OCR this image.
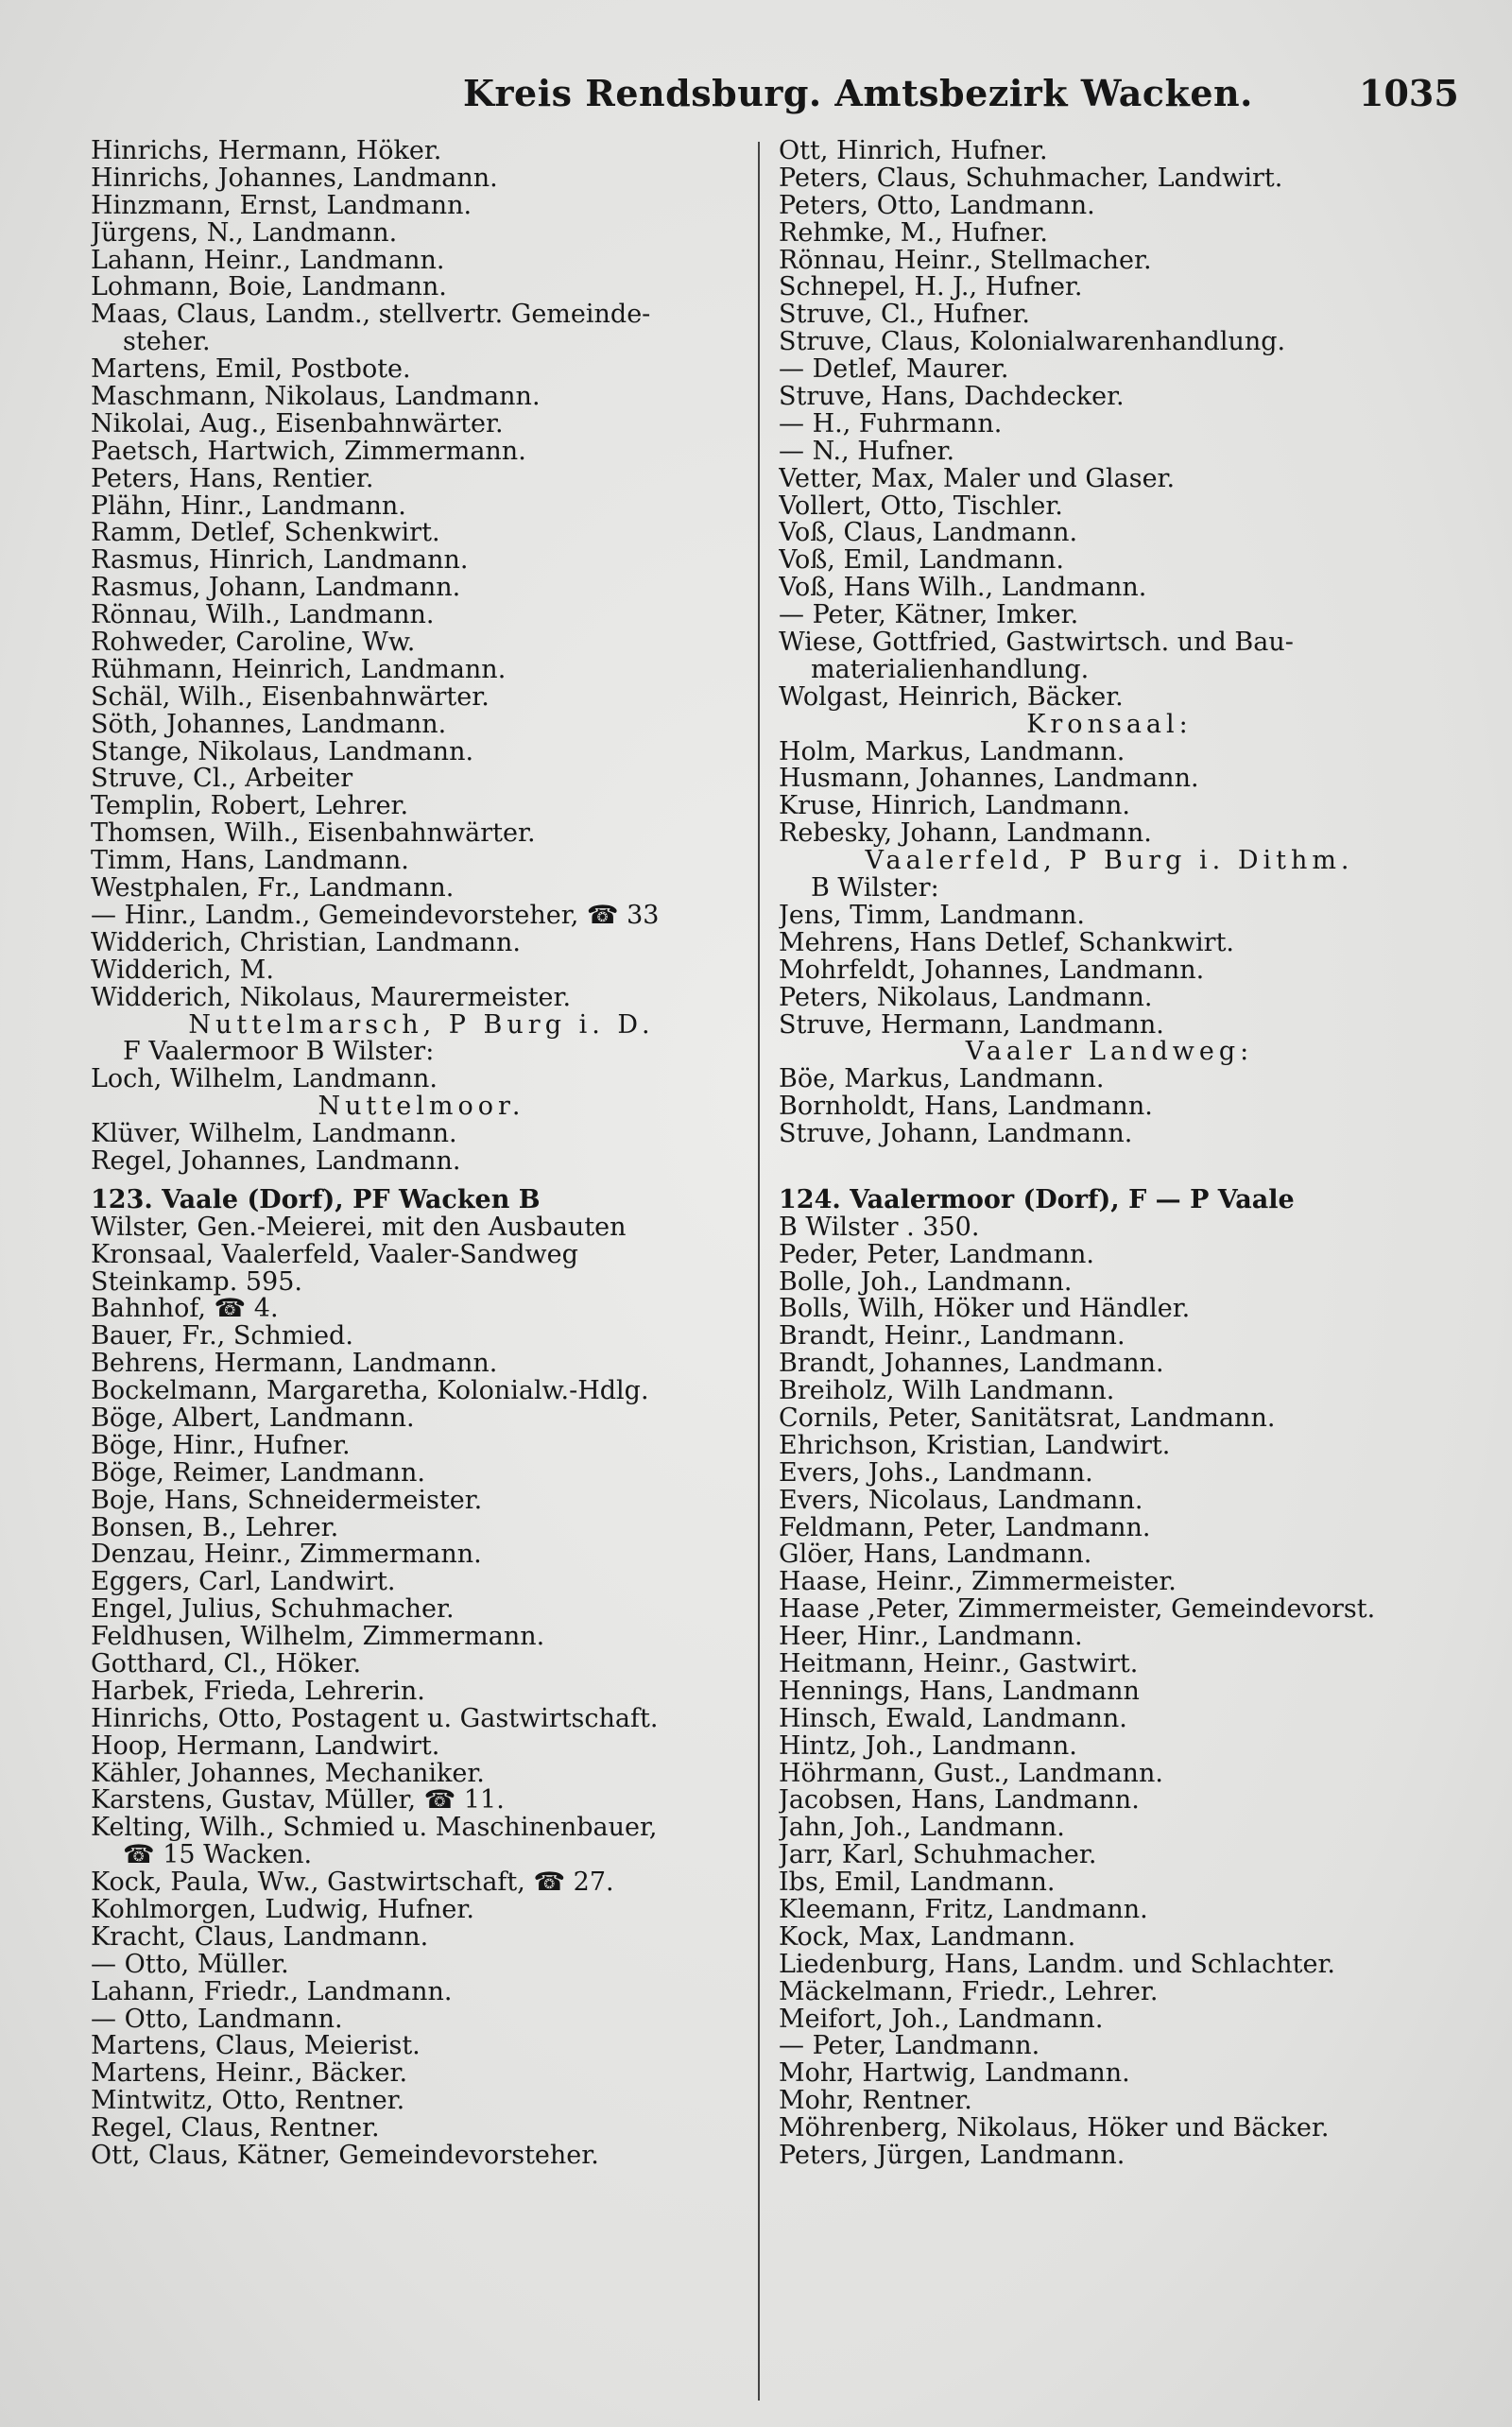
Kreis Rendsburg. Amtsbezirk Wacken.	1035
Hinrichs, Hermann, Höker.
Hinrichs, Johannes, Landmann.
Hinzmann, Ernst, Landmann.
Jürgens, N., Landmann.
Lahann, Heinr., Landmann.
Lohmann, Boie, Landmann.
Maas, Claus, Landm., stellvertr. Gemeinde-
steher.
Martens, Emil, Postbote.
Maschmann, Nikolaus, Landmann.
Nikolai, Aug., Eisenbahnwärter.
Paetsch, Hartwich, Zimmermann.
Peters, Hans, Rentier.
Plähn, Hinr., Landmann.
Ramm, Detlef, Schenkwirt.
Rasmus, Hinrich, Landmann.
Rasmus, Johann, Landmann.
Rönnau, Wilh., Landmann.
Rohweder, Caroline, Ww.
Rühmann, Heinrich, Landmann.
Schäl, Wilh., Eisenbahnwärter.
Söth, Johannes, Landmann.
Stange, Nikolaus, Landmann.
Struve, Cl., Arbeiter
Templin, Robert, Lehrer.
Thomsen, Wilh., Eisenbahnwärter.
Timm, Hans, Landmann.
Westphalen, Fr., Landmann.
— Hinr., Landm., Gemeindevorsteher, ☎ 33
Widderich, Christian, Landmann.
Widderich, M.
Widderich, Nikolaus, Maurermeister.
Nuttelmarsch, P Burg i. D.
F Vaalermoor B Wilster:
Loch, Wilhelm, Landmann.
Nuttelmoor.
Klüver, Wilhelm, Landmann.
Regel, Johannes, Landmann.
123. Vaale (Dorf), PF Wacken B
Wilster, Gen.-Meierei, mit den Ausbauten
Kronsaal, Vaalerfeld, Vaaler-Sandweg
Steinkamp. 595.
Bahnhof, ☎ 4.
Bauer, Fr., Schmied.
Behrens, Hermann, Landmann.
Bockelmann, Margaretha, Kolonialw.-Hdlg.
Böge, Albert, Landmann.
Böge, Hinr., Hufner.
Böge, Reimer, Landmann.
Boje, Hans, Schneidermeister.
Bonsen, B., Lehrer.
Denzau, Heinr., Zimmermann.
Eggers, Carl, Landwirt.
Engel, Julius, Schuhmacher.
Feldhusen, Wilhelm, Zimmermann.
Gotthard, Cl., Höker.
Harbek, Frieda, Lehrerin.
Hinrichs, Otto, Postagent u. Gastwirtschaft.
Hoop, Hermann, Landwirt.
Kähler, Johannes, Mechaniker.
Karstens, Gustav, Müller, ☎ 11.
Kelting, Wilh., Schmied u. Maschinenbauer,
☎ 15 Wacken.
Kock, Paula, Ww., Gastwirtschaft, ☎ 27.
Kohlmorgen, Ludwig, Hufner.
Kracht, Claus, Landmann.
— Otto, Müller.
Lahann, Friedr., Landmann.
— Otto, Landmann.
Martens, Claus, Meierist.
Martens, Heinr., Bäcker.
Mintwitz, Otto, Rentner.
Regel, Claus, Rentner.
Ott, Claus, Kätner, Gemeindevorsteher.
Ott, Hinrich, Hufner.
Peters, Claus, Schuhmacher, Landwirt.
Peters, Otto, Landmann.
Rehmke, M., Hufner.
Rönnau, Heinr., Stellmacher.
Schnepel, H. J., Hufner.
Struve, Cl., Hufner.
Struve, Claus, Kolonialwarenhandlung.
— Detlef, Maurer.
Struve, Hans, Dachdecker.
— H., Fuhrmann.
— N., Hufner.
Vetter, Max, Maler und Glaser.
Vollert, Otto, Tischler.
Voß, Claus, Landmann.
Voß, Emil, Landmann.
Voß, Hans Wilh., Landmann.
— Peter, Kätner, Imker.
Wiese, Gottfried, Gastwirtsch. und Bau-
materialienhandlung.
Wolgast, Heinrich, Bäcker.
Kronsaal:
Holm, Markus, Landmann.
Husmann, Johannes, Landmann.
Kruse, Hinrich, Landmann.
Rebesky, Johann, Landmann.
Vaalerfeld, P Burg i. Dithm.
B Wilster:
Jens, Timm, Landmann.
Mehrens, Hans Detlef, Schankwirt.
Mohrfeldt, Johannes, Landmann.
Peters, Nikolaus, Landmann.
Struve, Hermann, Landmann.
Vaaler Landweg:
Böe, Markus, Landmann.
Bornholdt, Hans, Landmann.
Struve, Johann, Landmann.

124. Vaalermoor (Dorf), F — P Vaale
B Wilster . 350.
Peder, Peter, Landmann.
Bolle, Joh., Landmann.
Bolls, Wilh, Höker und Händler.
Brandt, Heinr., Landmann.
Brandt, Johannes, Landmann.
Breiholz, Wilh Landmann.
Cornils, Peter, Sanitätsrat, Landmann.
Ehrichson, Kristian, Landwirt.
Evers, Johs., Landmann.
Evers, Nicolaus, Landmann.
Feldmann, Peter, Landmann.
Glöer, Hans, Landmann.
Haase, Heinr., Zimmermeister.
Haase ,Peter, Zimmermeister, Gemeindevorst.
Heer, Hinr., Landmann.
Heitmann, Heinr., Gastwirt.
Hennings, Hans, Landmann
Hinsch, Ewald, Landmann.
Hintz, Joh., Landmann.
Höhrmann, Gust., Landmann.
Jacobsen, Hans, Landmann.
Jahn, Joh., Landmann.
Jarr, Karl, Schuhmacher.
Ibs, Emil, Landmann.
Kleemann, Fritz, Landmann.
Kock, Max, Landmann.
Liedenburg, Hans, Landm. und Schlachter.
Mäckelmann, Friedr., Lehrer.
Meifort, Joh., Landmann.
— Peter, Landmann.
Mohr, Hartwig, Landmann.
Mohr, Rentner.
Möhrenberg, Nikolaus, Höker und Bäcker.
Peters, Jürgen, Landmann.
